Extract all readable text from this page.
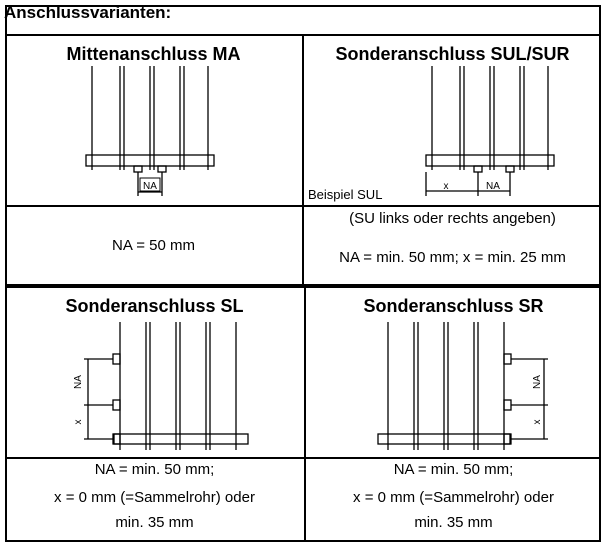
Anschlussvarianten:
Mittenanschluss MA
NA
NA = 50 mm
Sonderanschluss SUL/SUR
x	NA
Beispiel SUL
(SU links oder rechts angeben)
NA = min. 50 mm; x = min. 25 mm
Sonderanschluss SL
NA
x
NA = min. 50 mm;
x = 0 mm (=Sammelrohr) oder
min. 35 mm
Sonderanschluss SR
NA
x
NA = min. 50 mm;
x = 0 mm (=Sammelrohr) oder
min. 35 mm
